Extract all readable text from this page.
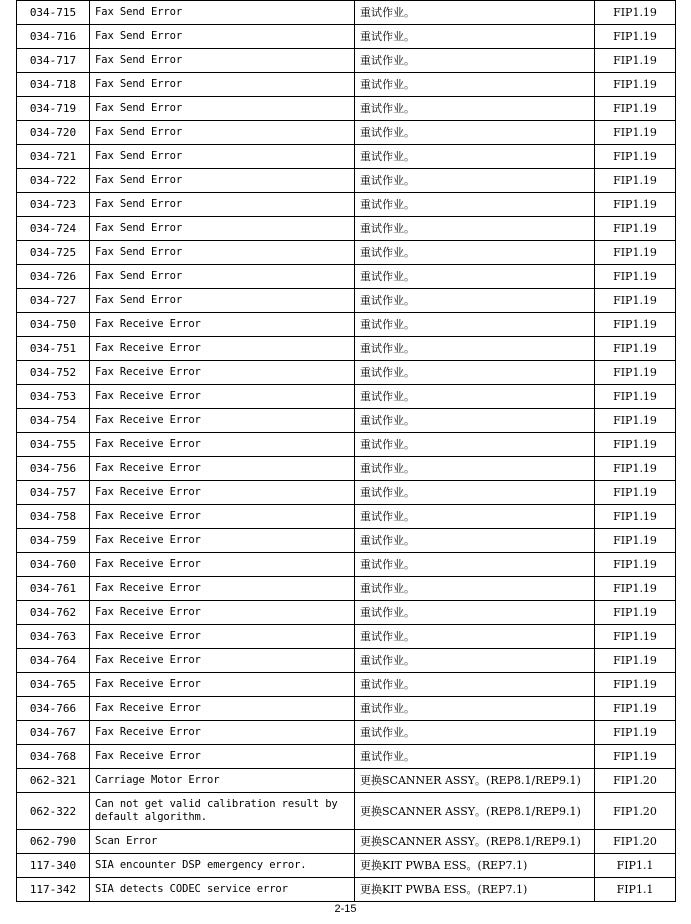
034-715	Fax Send Error	重试作业。	FIP1.19
034-716	Fax Send Error	重试作业。	FIP1.19
034-717	Fax Send Error	重试作业。	FIP1.19
034-718	Fax Send Error	重试作业。	FIP1.19
034-719	Fax Send Error	重试作业。	FIP1.19
034-720	Fax Send Error	重试作业。	FIP1.19
034-721	Fax Send Error	重试作业。	FIP1.19
034-722	Fax Send Error	重试作业。	FIP1.19
034-723	Fax Send Error	重试作业。	FIP1.19
034-724	Fax Send Error	重试作业。	FIP1.19
034-725	Fax Send Error	重试作业。	FIP1.19
034-726	Fax Send Error	重试作业。	FIP1.19
034-727	Fax Send Error	重试作业。	FIP1.19
034-750	Fax Receive Error	重试作业。	FIP1.19
034-751	Fax Receive Error	重试作业。	FIP1.19
034-752	Fax Receive Error	重试作业。	FIP1.19
034-753	Fax Receive Error	重试作业。	FIP1.19
034-754	Fax Receive Error	重试作业。	FIP1.19
034-755	Fax Receive Error	重试作业。	FIP1.19
034-756	Fax Receive Error	重试作业。	FIP1.19
034-757	Fax Receive Error	重试作业。	FIP1.19
034-758	Fax Receive Error	重试作业。	FIP1.19
034-759	Fax Receive Error	重试作业。	FIP1.19
034-760	Fax Receive Error	重试作业。	FIP1.19
034-761	Fax Receive Error	重试作业。	FIP1.19
034-762	Fax Receive Error	重试作业。	FIP1.19
034-763	Fax Receive Error	重试作业。	FIP1.19
034-764	Fax Receive Error	重试作业。	FIP1.19
034-765	Fax Receive Error	重试作业。	FIP1.19
034-766	Fax Receive Error	重试作业。	FIP1.19
034-767	Fax Receive Error	重试作业。	FIP1.19
034-768	Fax Receive Error	重试作业。	FIP1.19
062-321	Carriage Motor Error	更换SCANNER ASSY。(REP8.1/REP9.1)	FIP1.20
062-322	Can not get valid calibration result by default algorithm.	更换SCANNER ASSY。(REP8.1/REP9.1)	FIP1.20
062-790	Scan Error	更换SCANNER ASSY。(REP8.1/REP9.1)	FIP1.20
117-340	SIA encounter DSP emergency error.	更换KIT PWBA ESS。(REP7.1)	FIP1.1
117-342	SIA detects CODEC service error	更换KIT PWBA ESS。(REP7.1)	FIP1.1
2-15
